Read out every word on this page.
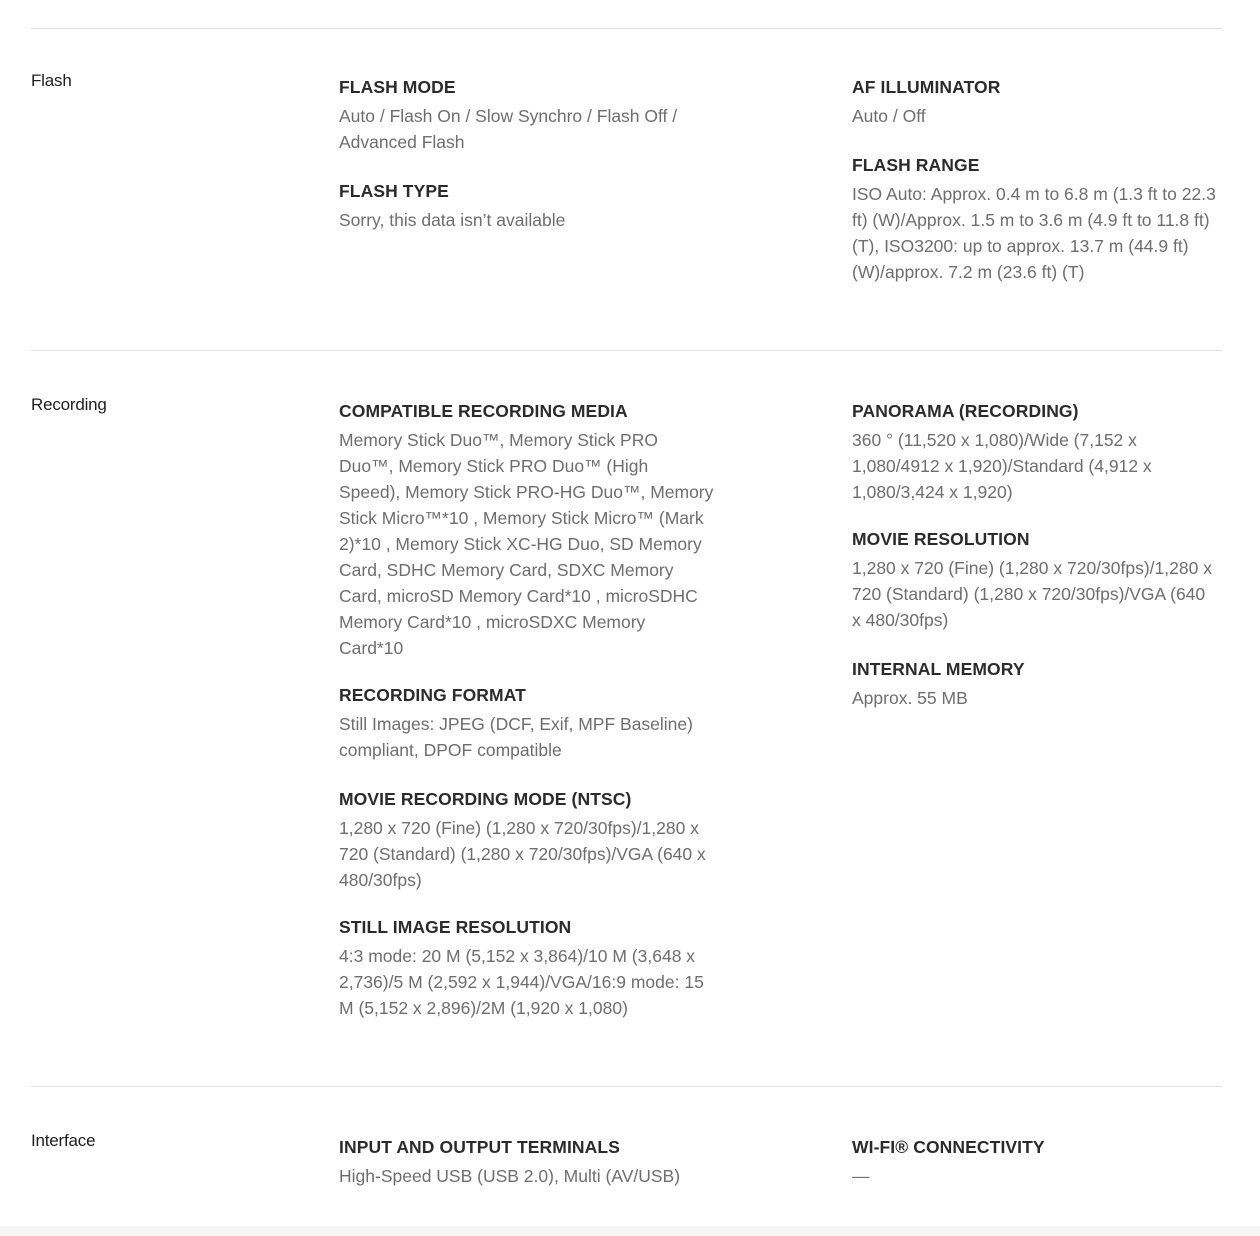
Flash	FLASH MODE
Auto / Flash On / Slow Synchro / Flash Off / Advanced Flash
FLASH TYPE
Sorry, this data isn’t available
AF ILLUMINATOR
Auto / Off
FLASH RANGE
ISO Auto: Approx. 0.4 m to 6.8 m (1.3 ft to 22.3 ft) (W)/Approx. 1.5 m to 3.6 m (4.9 ft to 11.8 ft) (T), ISO3200: up to approx. 13.7 m (44.9 ft) (W)/approx. 7.2 m (23.6 ft) (T)
Recording	COMPATIBLE RECORDING MEDIA
Memory Stick Duo™, Memory Stick PRO Duo™, Memory Stick PRO Duo™ (High Speed), Memory Stick PRO-HG Duo™, Memory Stick Micro™*10 , Memory Stick Micro™ (Mark 2)*10 , Memory Stick XC-HG Duo, SD Memory Card, SDHC Memory Card, SDXC Memory Card, microSD Memory Card*10 , microSDHC Memory Card*10 , microSDXC Memory Card*10
RECORDING FORMAT
Still Images: JPEG (DCF, Exif, MPF Baseline) compliant, DPOF compatible
MOVIE RECORDING MODE (NTSC)
1,280 x 720 (Fine) (1,280 x 720/30fps)/1,280 x 720 (Standard) (1,280 x 720/30fps)/VGA (640 x 480/30fps)
STILL IMAGE RESOLUTION
4:3 mode: 20 M (5,152 x 3,864)/10 M (3,648 x 2,736)/5 M (2,592 x 1,944)/VGA/16:9 mode: 15 M (5,152 x 2,896)/2M (1,920 x 1,080)
PANORAMA (RECORDING)
360 ° (11,520 x 1,080)/Wide (7,152 x 1,080/4912 x 1,920)/Standard (4,912 x 1,080/3,424 x 1,920)
MOVIE RESOLUTION
1,280 x 720 (Fine) (1,280 x 720/30fps)/1,280 x 720 (Standard) (1,280 x 720/30fps)/VGA (640 x 480/30fps)
INTERNAL MEMORY
Approx. 55 MB
Interface	INPUT AND OUTPUT TERMINALS
High-Speed USB (USB 2.0), Multi (AV/USB)
WI-FI® CONNECTIVITY
—
